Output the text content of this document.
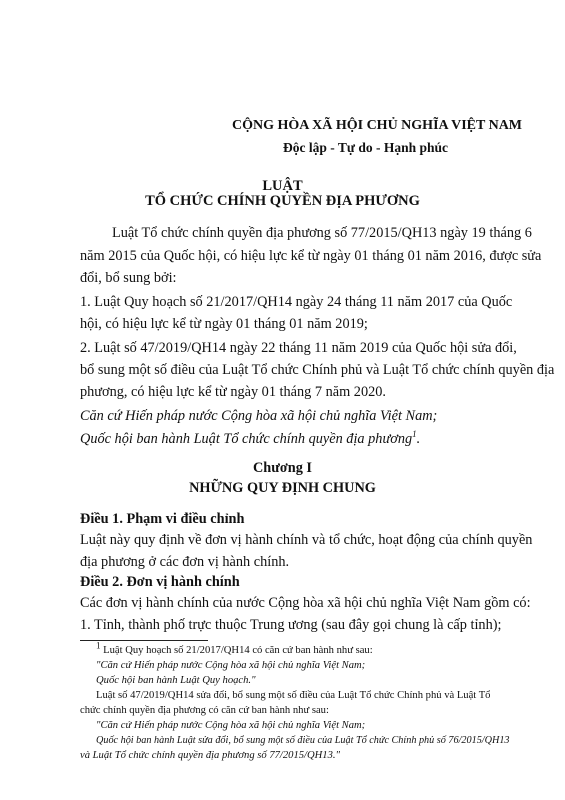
CỘNG HÒA XÃ HỘI CHỦ NGHĨA VIỆT NAM

Độc lập - Tự do - Hạnh phúc

LUẬT

TỔ CHỨC CHÍNH QUYỀN ĐỊA PHƯƠNG

Luật Tổ chức chính quyền địa phương số 77/2015/QH13 ngày 19 tháng 6

năm 2015 của Quốc hội, có hiệu lực kể từ ngày 01 tháng 01 năm 2016, được sửa

đổi, bổ sung bởi:

1. Luật Quy hoạch số 21/2017/QH14 ngày 24 tháng 11 năm 2017 của Quốc

hội, có hiệu lực kể từ ngày 01 tháng 01 năm 2019;

2. Luật số 47/2019/QH14 ngày 22 tháng 11 năm 2019 của Quốc hội sửa đổi,

bổ sung một số điều của Luật Tổ chức Chính phủ và Luật Tổ chức chính quyền địa

phương, có hiệu lực kể từ ngày 01 tháng 7 năm 2020.

Căn cứ Hiến pháp nước Cộng hòa xã hội chủ nghĩa Việt Nam;

Quốc hội ban hành Luật Tổ chức chính quyền địa phương$^1$.

Chương I

NHỮNG QUY ĐỊNH CHUNG

Điều 1. Phạm vi điều chỉnh

Luật này quy định về đơn vị hành chính và tổ chức, hoạt động của chính quyền

địa phương ở các đơn vị hành chính.

Điều 2. Đơn vị hành chính

Các đơn vị hành chính của nước Cộng hòa xã hội chủ nghĩa Việt Nam gồm có:

1. Tỉnh, thành phố trực thuộc Trung ương (sau đây gọi chung là cấp tỉnh);

$^1$ Luật Quy hoạch số 21/2017/QH14 có căn cứ ban hành như sau:

"Căn cứ Hiến pháp nước Cộng hòa xã hội chủ nghĩa Việt Nam;

Quốc hội ban hành Luật Quy hoạch."

Luật số 47/2019/QH14 sửa đổi, bổ sung một số điều của Luật Tổ chức Chính phủ và Luật Tổ

chức chính quyền địa phương có căn cứ ban hành như sau:

"Căn cứ Hiến pháp nước Cộng hòa xã hội chủ nghĩa Việt Nam;

Quốc hội ban hành Luật sửa đổi, bổ sung một số điều của Luật Tổ chức Chính phủ số 76/2015/QH13

và Luật Tổ chức chính quyền địa phương số 77/2015/QH13."
